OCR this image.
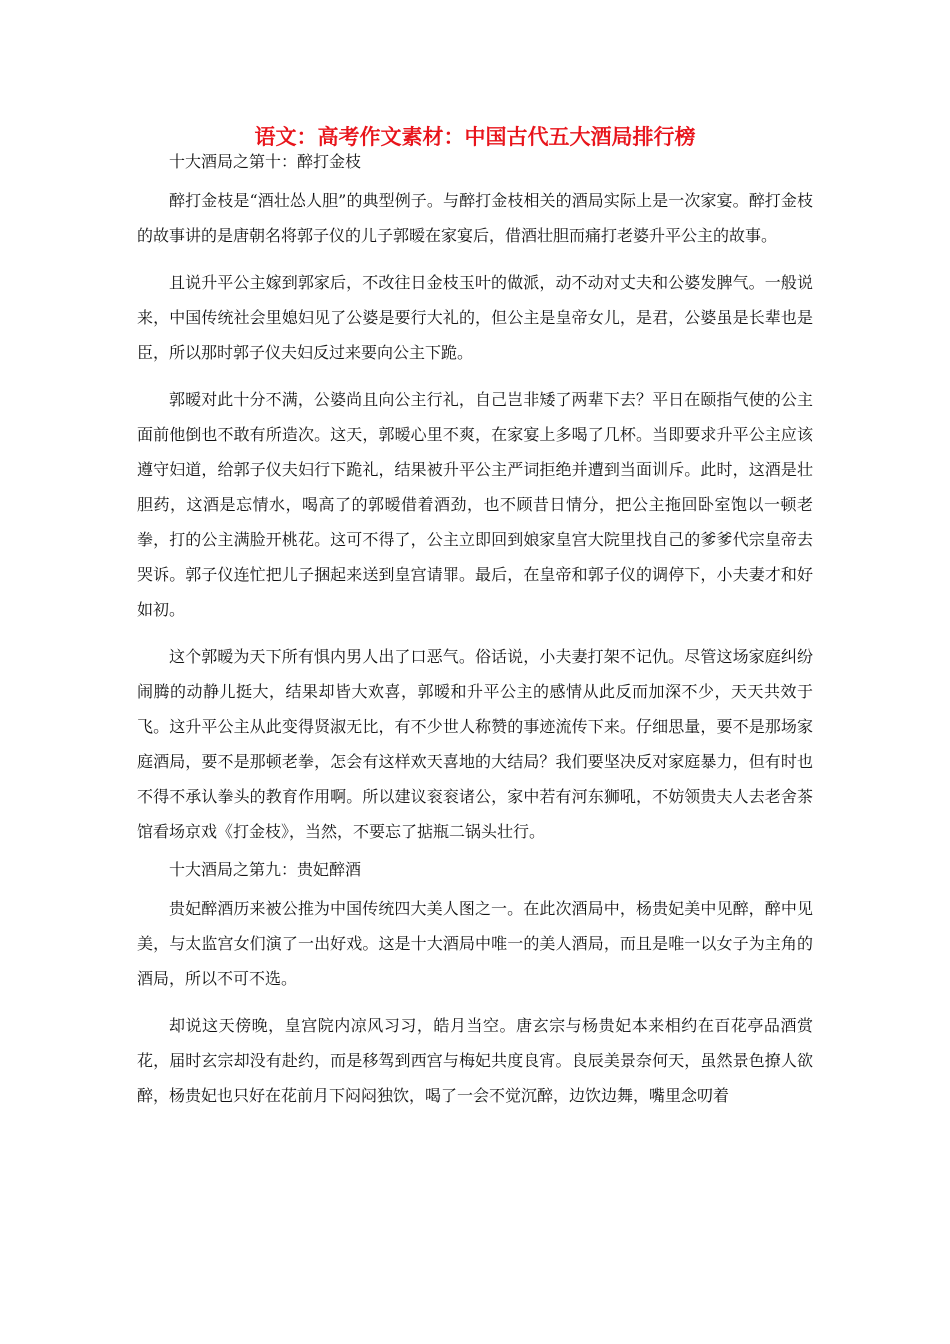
语文：高考作文素材：中国古代五大酒局排行榜

十大酒局之第十：醉打金枝

醉打金枝是“酒壮怂人胆”的典型例子。与醉打金枝相关的酒局实际上是一次家宴。醉打金枝的故事讲的是唐朝名将郭子仪的儿子郭暧在家宴后，借酒壮胆而痛打老婆升平公主的故事。

且说升平公主嫁到郭家后，不改往日金枝玉叶的做派，动不动对丈夫和公婆发脾气。一般说来，中国传统社会里媳妇见了公婆是要行大礼的，但公主是皇帝女儿，是君，公婆虽是长辈也是臣，所以那时郭子仪夫妇反过来要向公主下跪。

郭暧对此十分不满，公婆尚且向公主行礼，自己岂非矮了两辈下去？平日在颐指气使的公主面前他倒也不敢有所造次。这天，郭暧心里不爽，在家宴上多喝了几杯。当即要求升平公主应该遵守妇道，给郭子仪夫妇行下跪礼，结果被升平公主严词拒绝并遭到当面训斥。此时，这酒是壮胆药，这酒是忘情水，喝高了的郭暧借着酒劲，也不顾昔日情分，把公主拖回卧室饱以一顿老拳，打的公主满脸开桃花。这可不得了，公主立即回到娘家皇宫大院里找自己的爹爹代宗皇帝去哭诉。郭子仪连忙把儿子捆起来送到皇宫请罪。最后，在皇帝和郭子仪的调停下，小夫妻才和好如初。

这个郭暧为天下所有惧内男人出了口恶气。俗话说，小夫妻打架不记仇。尽管这场家庭纠纷闹腾的动静儿挺大，结果却皆大欢喜，郭暧和升平公主的感情从此反而加深不少，天天共效于飞。这升平公主从此变得贤淑无比，有不少世人称赞的事迹流传下来。仔细思量，要不是那场家庭酒局，要不是那顿老拳，怎会有这样欢天喜地的大结局？我们要坚决反对家庭暴力，但有时也不得不承认拳头的教育作用啊。所以建议衮衮诸公，家中若有河东狮吼，不妨领贵夫人去老舍茶馆看场京戏《打金枝》，当然，不要忘了掂瓶二锅头壮行。

十大酒局之第九：贵妃醉酒

贵妃醉酒历来被公推为中国传统四大美人图之一。在此次酒局中，杨贵妃美中见醉，醉中见美，与太监宫女们演了一出好戏。这是十大酒局中唯一的美人酒局，而且是唯一以女子为主角的酒局，所以不可不选。

却说这天傍晚，皇宫院内凉风习习，皓月当空。唐玄宗与杨贵妃本来相约在百花亭品酒赏花，届时玄宗却没有赴约，而是移驾到西宫与梅妃共度良宵。良辰美景奈何天，虽然景色撩人欲醉，杨贵妃也只好在花前月下闷闷独饮，喝了一会不觉沉醉，边饮边舞，嘴里念叨着
